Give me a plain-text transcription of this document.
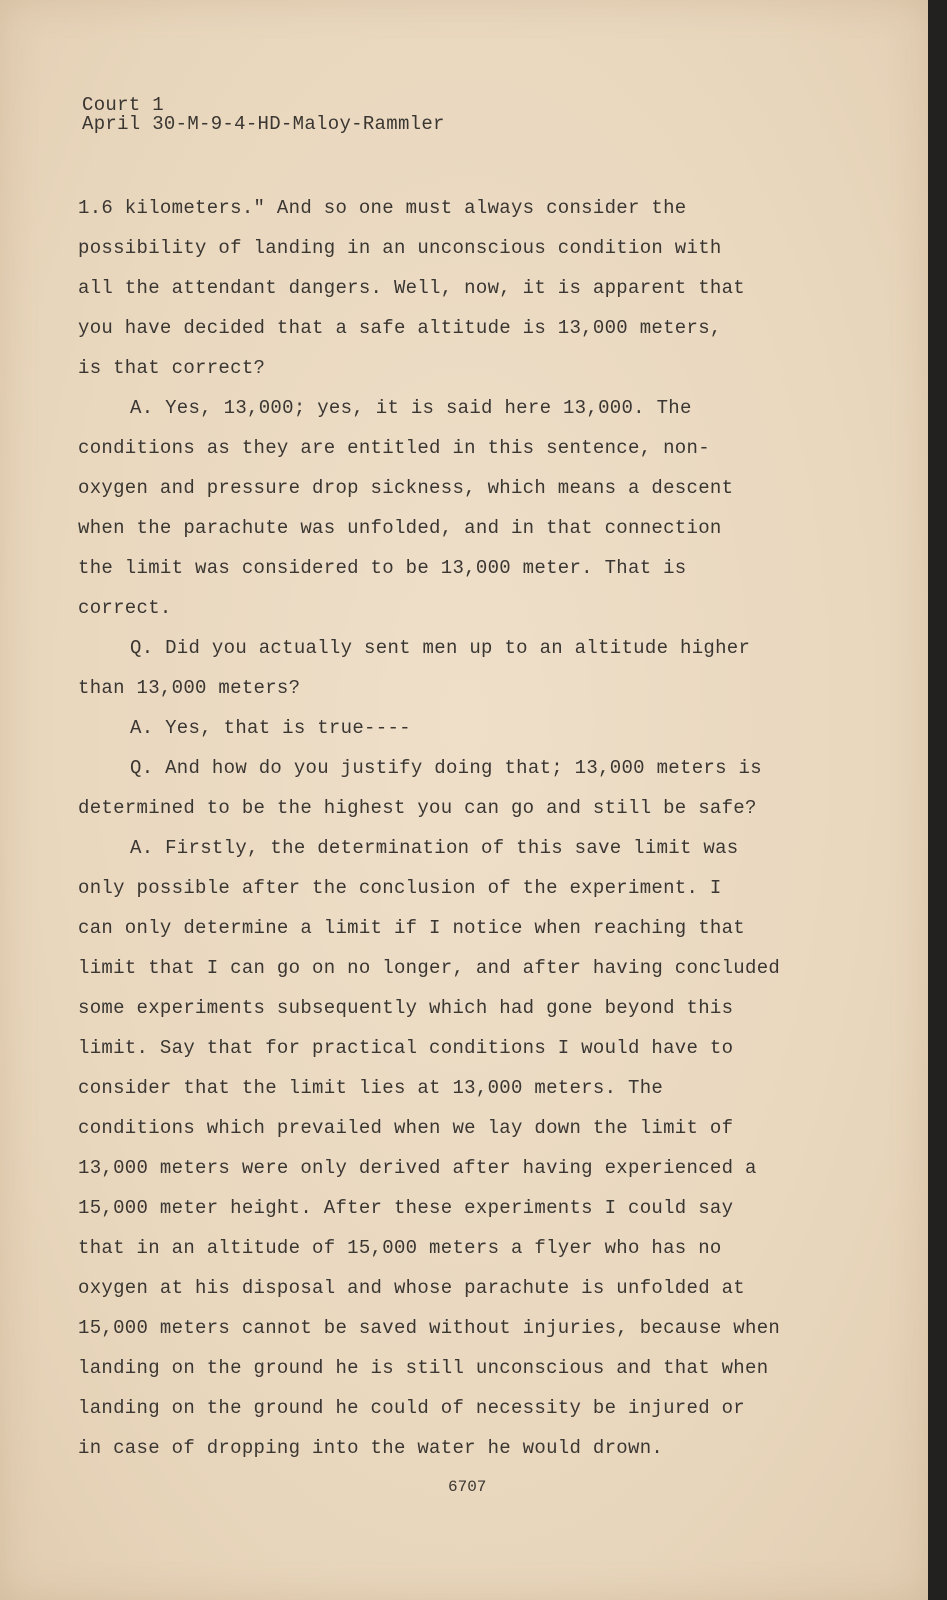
Court 1
April 30-M-9-4-HD-Maloy-Rammler
1.6 kilometers." And so one must always consider the
possibility of landing in an unconscious condition with
all the attendant dangers. Well, now, it is apparent that
you have decided that a safe altitude is 13,000 meters,
is that correct?
A. Yes, 13,000; yes, it is said here 13,000. The
conditions as they are entitled in this sentence, non-
oxygen and pressure drop sickness, which means a descent
when the parachute was unfolded, and in that connection
the limit was considered to be 13,000 meter. That is
correct.
Q. Did you actually sent men up to an altitude higher
than 13,000 meters?
A. Yes, that is true----
Q. And how do you justify doing that; 13,000 meters is
determined to be the highest you can go and still be safe?
A. Firstly, the determination of this save limit was
only possible after the conclusion of the experiment. I
can only determine a limit if I notice when reaching that
limit that I can go on no longer, and after having concluded
some experiments subsequently which had gone beyond this
limit. Say that for practical conditions I would have to
consider that the limit lies at 13,000 meters. The
conditions which prevailed when we lay down the limit of
13,000 meters were only derived after having experienced a
15,000 meter height. After these experiments I could say
that in an altitude of 15,000 meters a flyer who has no
oxygen at his disposal and whose parachute is unfolded at
15,000 meters cannot be saved without injuries, because when
landing on the ground he is still unconscious and that when
landing on the ground he could of necessity be injured or
in case of dropping into the water he would drown.
6707
